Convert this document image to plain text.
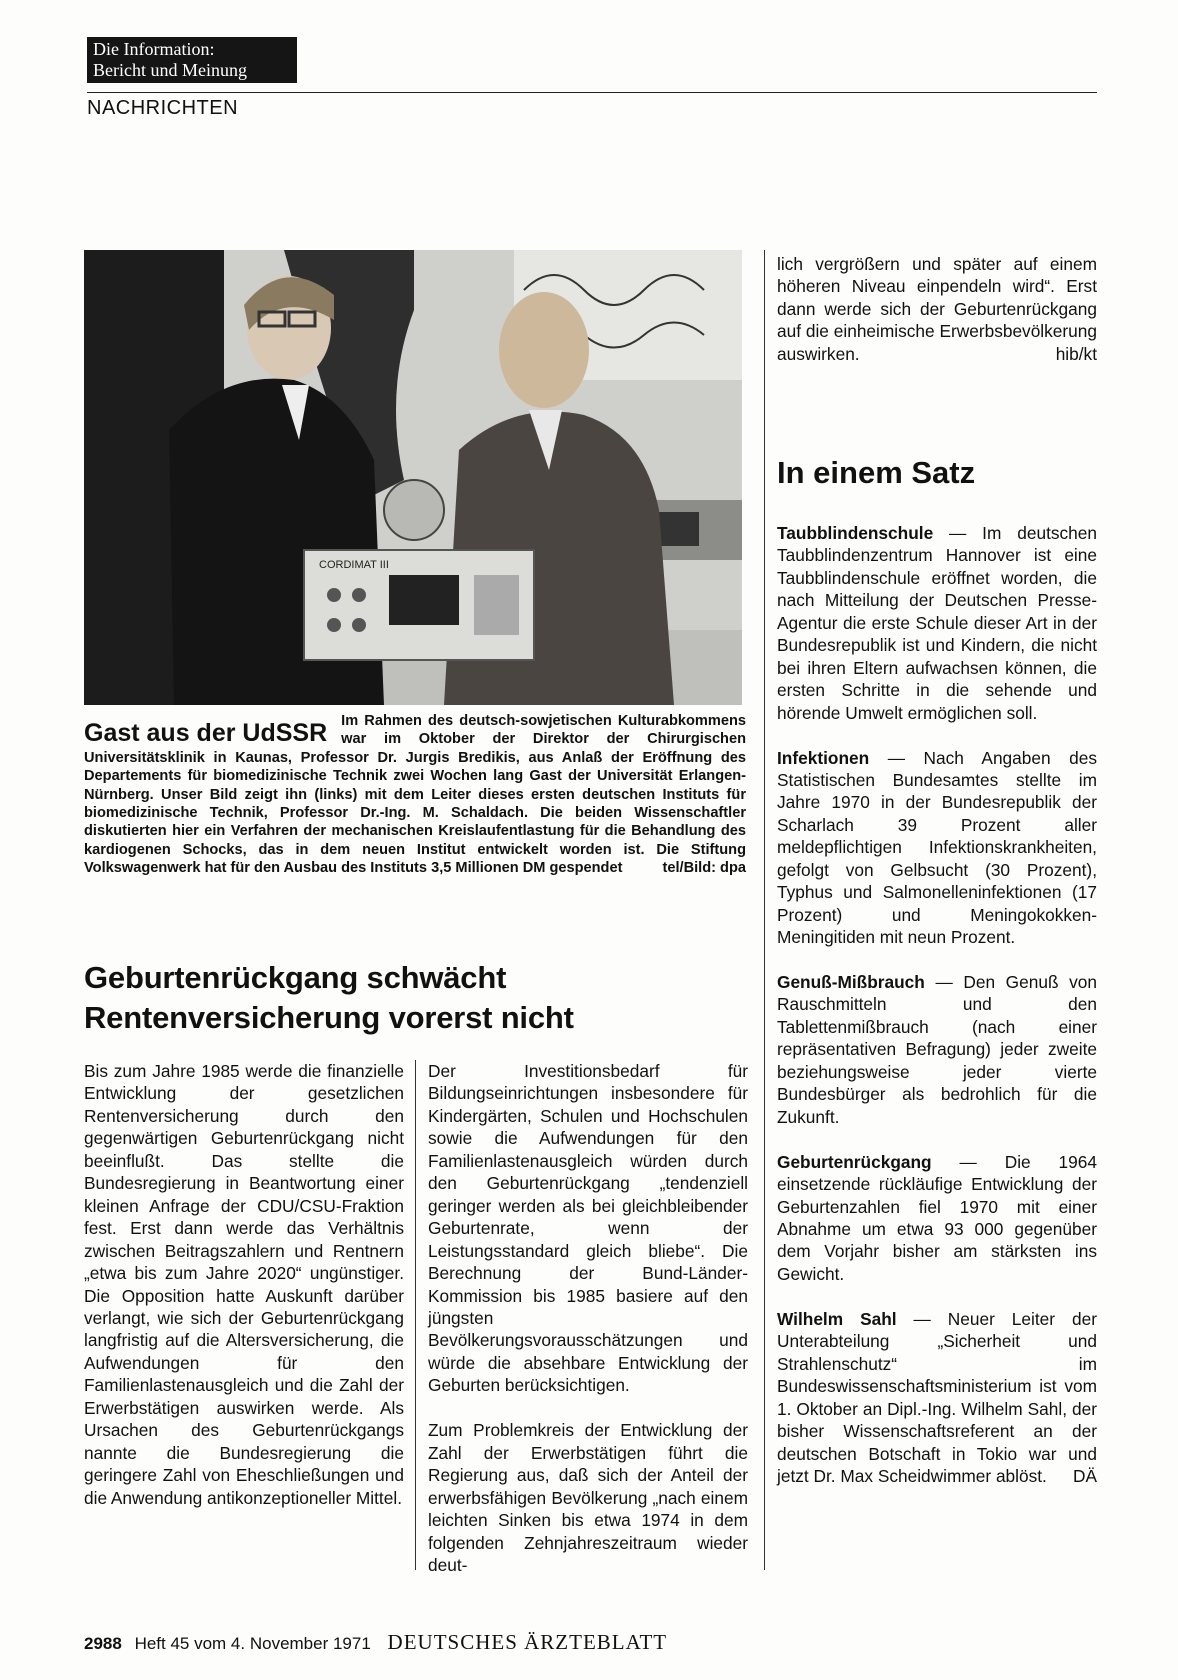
Die Information:
Bericht und Meinung
NACHRICHTEN
CORDIMAT III
Gast aus der UdSSR Im Rahmen des deutsch-sowjetischen Kulturabkommens war im Oktober der Direktor der Chirurgischen Universitätsklinik in Kaunas, Professor Dr. Jurgis Bredikis, aus Anlaß der Eröffnung des Departements für biomedizinische Technik zwei Wochen lang Gast der Universität Erlangen-Nürnberg. Unser Bild zeigt ihn (links) mit dem Leiter dieses ersten deutschen Instituts für biomedizinische Technik, Professor Dr.-Ing. M. Schaldach. Die beiden Wissenschaftler diskutierten hier ein Verfahren der mechanischen Kreislaufentlastung für die Behandlung des kardiogenen Schocks, das in dem neuen Institut entwickelt worden ist. Die Stiftung Volkswagenwerk hat für den Ausbau des Instituts 3,5 Millionen DM gespendet	tel/Bild: dpa
Geburtenrückgang schwächt
Rentenversicherung vorerst nicht

Bis zum Jahre 1985 werde die finanzielle Entwicklung der gesetzlichen Rentenversicherung durch den gegenwärtigen Geburtenrückgang nicht beeinflußt. Das stellte die Bundesregierung in Beantwortung einer kleinen Anfrage der CDU/CSU-Fraktion fest. Erst dann werde das Verhältnis zwischen Beitragszahlern und Rentnern „etwa bis zum Jahre 2020“ ungünstiger. Die Opposition hatte Auskunft darüber verlangt, wie sich der Geburtenrückgang langfristig auf die Altersversicherung, die Aufwendungen für den Familienlastenausgleich und die Zahl der Erwerbstätigen auswirken werde. Als Ursachen des Geburtenrückgangs nannte die Bundesregierung die geringere Zahl von Eheschließungen und die Anwendung antikonzeptioneller Mittel.

Der Investitionsbedarf für Bildungseinrichtungen insbesondere für Kindergärten, Schulen und Hochschulen sowie die Aufwendungen für den Familienlastenausgleich würden durch den Geburtenrückgang „tendenziell geringer werden als bei gleichbleibender Geburtenrate, wenn der Leistungsstandard gleich bliebe“. Die Berechnung der Bund-Länder-Kommission bis 1985 basiere auf den jüngsten Bevölkerungsvorausschätzungen und würde die absehbare Entwicklung der Geburten berücksichtigen.

Zum Problemkreis der Entwicklung der Zahl der Erwerbstätigen führt die Regierung aus, daß sich der Anteil der erwerbsfähigen Bevölkerung „nach einem leichten Sinken bis etwa 1974 in dem folgenden Zehnjahreszeitraum wieder deut-

lich vergrößern und später auf einem höheren Niveau einpendeln wird“. Erst dann werde sich der Geburtenrückgang auf die einheimische Erwerbsbevölkerung auswirken.	hib/kt
In einem Satz
Taubblindenschule — Im deutschen Taubblindenzentrum Hannover ist eine Taubblindenschule eröffnet worden, die nach Mitteilung der Deutschen Presse-Agentur die erste Schule dieser Art in der Bundesrepublik ist und Kindern, die nicht bei ihren Eltern aufwachsen können, die ersten Schritte in die sehende und hörende Umwelt ermöglichen soll.
Infektionen — Nach Angaben des Statistischen Bundesamtes stellte im Jahre 1970 in der Bundesrepublik der Scharlach 39 Prozent aller meldepflichtigen Infektionskrankheiten, gefolgt von Gelbsucht (30 Prozent), Typhus und Salmonelleninfektionen (17 Prozent) und Meningokokken-Meningitiden mit neun Prozent.
Genuß-Mißbrauch — Den Genuß von Rauschmitteln und den Tablettenmißbrauch (nach einer repräsentativen Befragung) jeder zweite beziehungsweise jeder vierte Bundesbürger als bedrohlich für die Zukunft.
Geburtenrückgang — Die 1964 einsetzende rückläufige Entwicklung der Geburtenzahlen fiel 1970 mit einer Abnahme um etwa 93 000 gegenüber dem Vorjahr bisher am stärksten ins Gewicht.
Wilhelm Sahl — Neuer Leiter der Unterabteilung „Sicherheit und Strahlenschutz“ im Bundeswissenschaftsministerium ist vom 1. Oktober an Dipl.-Ing. Wilhelm Sahl, der bisher Wissenschaftsreferent an der deutschen Botschaft in Tokio war und jetzt Dr. Max Scheidwimmer ablöst. DÄ
2988 Heft 45 vom 4. November 1971 DEUTSCHES ÄRZTEBLATT
